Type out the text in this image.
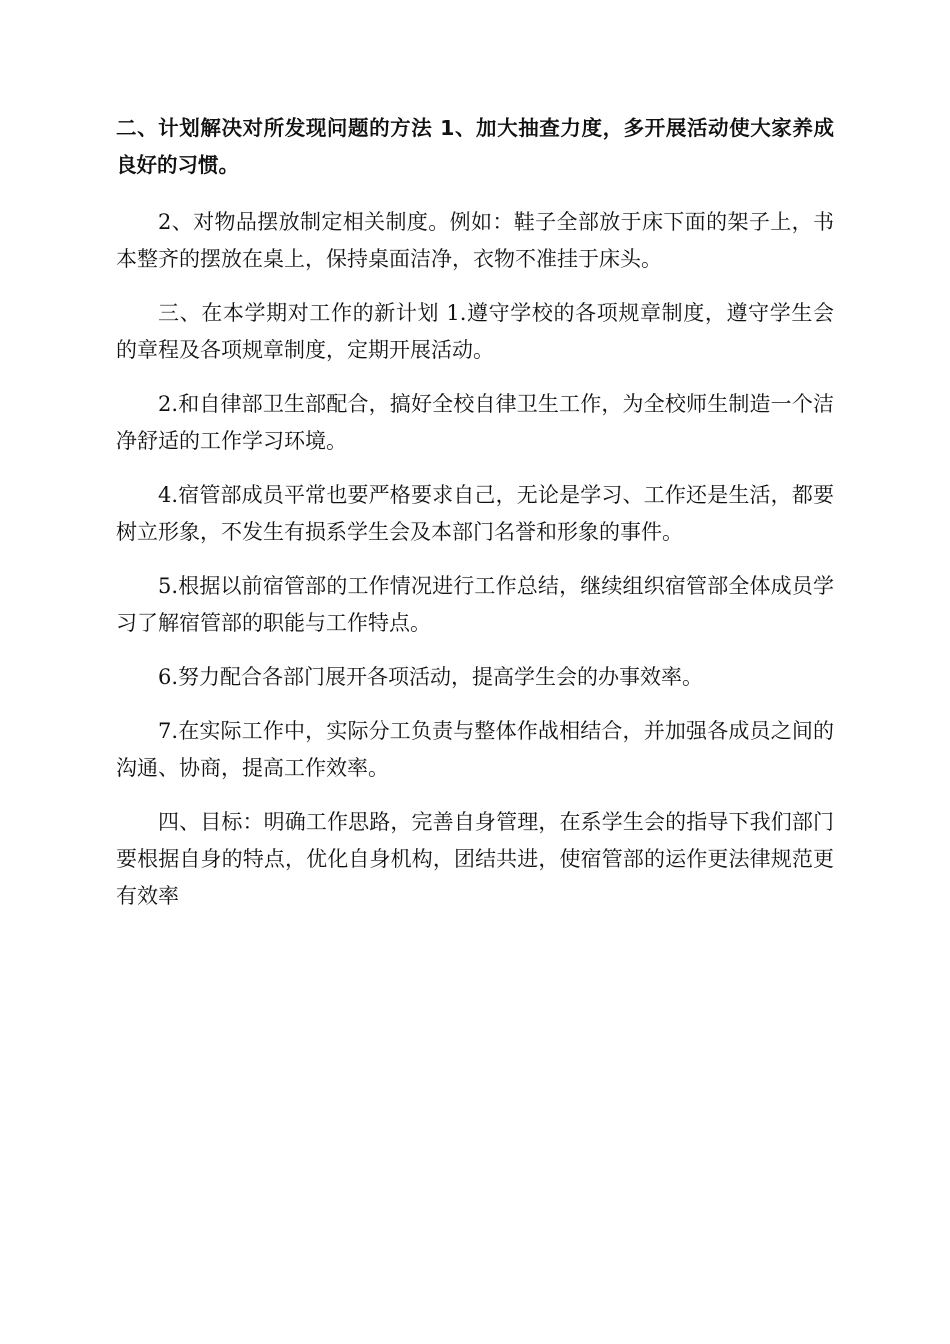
二、计划解决对所发现问题的方法 1、加大抽查力度，多开展活动使大家养成良好的习惯。

2、对物品摆放制定相关制度。例如：鞋子全部放于床下面的架子上，书本整齐的摆放在桌上，保持桌面洁净，衣物不准挂于床头。

三、在本学期对工作的新计划 1.遵守学校的各项规章制度，遵守学生会的章程及各项规章制度，定期开展活动。

2.和自律部卫生部配合，搞好全校自律卫生工作，为全校师生制造一个洁净舒适的工作学习环境。

4.宿管部成员平常也要严格要求自己，无论是学习、工作还是生活，都要树立形象，不发生有损系学生会及本部门名誉和形象的事件。

5.根据以前宿管部的工作情况进行工作总结，继续组织宿管部全体成员学习了解宿管部的职能与工作特点。

6.努力配合各部门展开各项活动，提高学生会的办事效率。

7.在实际工作中，实际分工负责与整体作战相结合，并加强各成员之间的沟通、协商，提高工作效率。

四、目标：明确工作思路，完善自身管理，在系学生会的指导下我们部门要根据自身的特点，优化自身机构，团结共进，使宿管部的运作更法律规范更有效率
